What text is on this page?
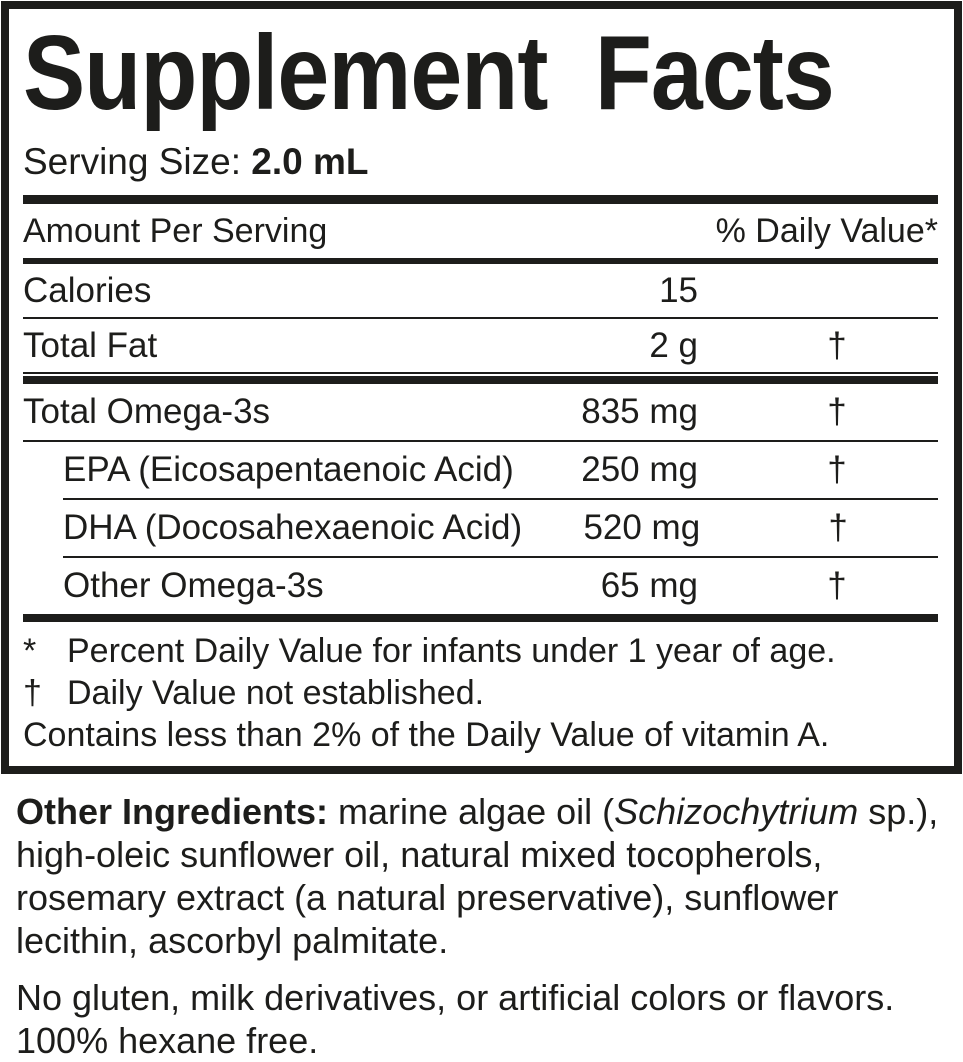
Supplement Facts
Serving Size: 2.0 mL
Amount Per Serving	% Daily Value*
Calories	15
Total Fat	2 g	†
Total Omega-3s	835 mg	†
EPA (Eicosapentaenoic Acid)	250 mg	†
DHA (Docosahexaenoic Acid)	520 mg	†
Other Omega-3s	65 mg	†
* Percent Daily Value for infants under 1 year of age.
† Daily Value not established.
Contains less than 2% of the Daily Value of vitamin A.

Other Ingredients: marine algae oil (Schizochytrium sp.), high-oleic sunflower oil, natural mixed tocopherols, rosemary extract (a natural preservative), sunflower lecithin, ascorbyl palmitate.

No gluten, milk derivatives, or artificial colors or flavors.
100% hexane free.
